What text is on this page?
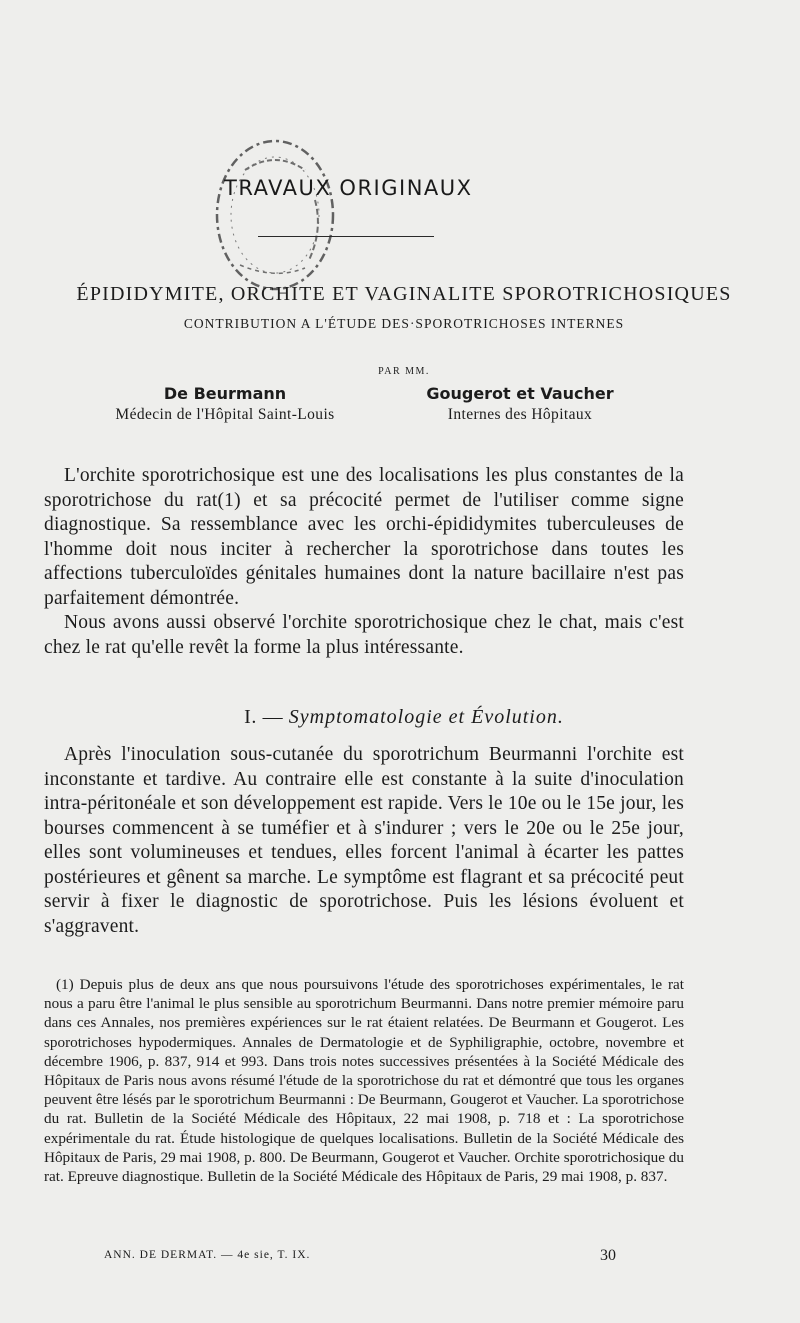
TRAVAUX ORIGINAUX
ÉPIDIDYMITE, ORCHITE ET VAGINALITE SPOROTRICHOSIQUES
CONTRIBUTION A L'ÉTUDE DES·SPOROTRICHOSES INTERNES
PAR MM.
De Beurmann
Médecin de l'Hôpital Saint-Louis
Gougerot et Vaucher
Internes des Hôpitaux

L'orchite sporotrichosique est une des localisations les plus constantes de la sporotrichose du rat(1) et sa précocité permet de l'utiliser comme signe diagnostique. Sa ressemblance avec les orchi-épididymites tuberculeuses de l'homme doit nous inciter à rechercher la sporotrichose dans toutes les affections tuberculoïdes génitales humaines dont la nature bacillaire n'est pas parfaitement démontrée.

Nous avons aussi observé l'orchite sporotrichosique chez le chat, mais c'est chez le rat qu'elle revêt la forme la plus intéressante.

I. — Symptomatologie et Évolution.

Après l'inoculation sous-cutanée du sporotrichum Beurmanni l'orchite est inconstante et tardive. Au contraire elle est constante à la suite d'inoculation intra-péritonéale et son développement est rapide. Vers le 10e ou le 15e jour, les bourses commencent à se tuméfier et à s'indurer ; vers le 20e ou le 25e jour, elles sont volumineuses et tendues, elles forcent l'animal à écarter les pattes postérieures et gênent sa marche. Le symptôme est flagrant et sa précocité peut servir à fixer le diagnostic de sporotrichose. Puis les lésions évoluent et s'aggravent.

(1) Depuis plus de deux ans que nous poursuivons l'étude des sporotrichoses expérimentales, le rat nous a paru être l'animal le plus sensible au sporotrichum Beurmanni. Dans notre premier mémoire paru dans ces Annales, nos premières expériences sur le rat étaient relatées. De Beurmann et Gougerot. Les sporotrichoses hypodermiques. Annales de Dermatologie et de Syphiligraphie, octobre, novembre et décembre 1906, p. 837, 914 et 993. Dans trois notes successives présentées à la Société Médicale des Hôpitaux de Paris nous avons résumé l'étude de la sporotrichose du rat et démontré que tous les organes peuvent être lésés par le sporotrichum Beurmanni : De Beurmann, Gougerot et Vaucher. La sporotrichose du rat. Bulletin de la Société Médicale des Hôpitaux, 22 mai 1908, p. 718 et : La sporotrichose expérimentale du rat. Étude histologique de quelques localisations. Bulletin de la Société Médicale des Hôpitaux de Paris, 29 mai 1908, p. 800. De Beurmann, Gougerot et Vaucher. Orchite sporotrichosique du rat. Epreuve diagnostique. Bulletin de la Société Médicale des Hôpitaux de Paris, 29 mai 1908, p. 837.

ANN. DE DERMAT. — 4e sie, T. IX.	30
